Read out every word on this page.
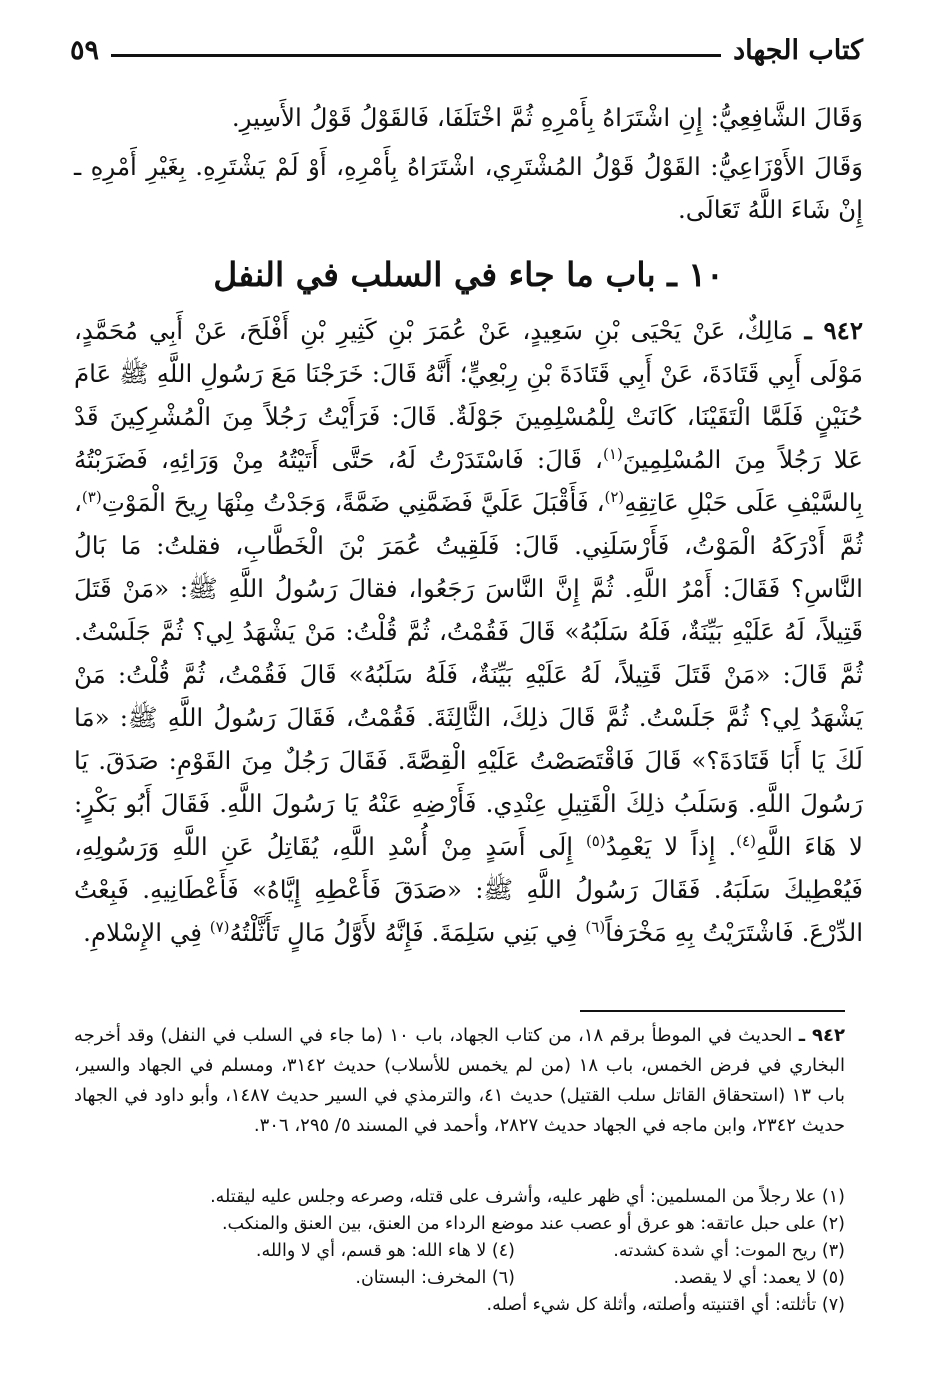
كتاب الجهاد
٥٩

وَقَالَ الشَّافِعِيُّ: إِنِ اشْتَرَاهُ بِأَمْرِهِ ثُمَّ اخْتَلَفَا، فَالقَوْلُ قَوْلُ الأَسِيرِ.

وَقَالَ الأَوْزَاعِيُّ: القَوْلُ قَوْلُ المُشْتَرِي، اشْتَرَاهُ بِأَمْرِهِ، أَوْ لَمْ يَشْتَرِهِ. بِغَيْرِ أَمْرِهِ ـ إِنْ شَاءَ اللَّهُ تَعَالَى.

١٠ ـ باب ما جاء في السلب في النفل

٩٤٢ ـ مَالِكٌ، عَنْ يَحْيَى بْنِ سَعِيدٍ، عَنْ عُمَرَ بْنِ كَثِيرِ بْنِ أَفْلَحَ، عَنْ أَبِي مُحَمَّدٍ، مَوْلَى أَبِي قَتَادَةَ، عَنْ أَبِي قَتَادَةَ بْنِ رِبْعِيٍّ؛ أَنَّهُ قَالَ: خَرَجْنَا مَعَ رَسُولِ اللَّهِ ﷺ عَامَ حُنَيْنٍ فَلَمَّا الْتَقَيْنَا، كَانَتْ لِلْمُسْلِمِينَ جَوْلَةٌ. قَالَ: فَرَأَيْتُ رَجُلاً مِنَ الْمُشْرِكِينَ قَدْ عَلا رَجُلاً مِنَ المُسْلِمِينَ$^{(١)}$، قَالَ: فَاسْتَدَرْتُ لَهُ، حَتَّى أَتَيْتُهُ مِنْ وَرَائِهِ، فَضَرَبْتُهُ بِالسَّيْفِ عَلَى حَبْلِ عَاتِقِهِ$^{(٢)}$، فَأَقْبَلَ عَلَيَّ فَضَمَّنِي ضَمَّةً، وَجَدْتُ مِنْهَا رِيحَ الْمَوْتِ$^{(٣)}$، ثُمَّ أَدْرَكَهُ الْمَوْتُ، فَأَرْسَلَنِي. قَالَ: فَلَقِيتُ عُمَرَ بْنَ الْخَطَّابِ، فقلتُ: مَا بَالُ النَّاسِ؟ فَقَالَ: أَمْرُ اللَّهِ. ثُمَّ إِنَّ النَّاسَ رَجَعُوا، فقالَ رَسُولُ اللَّهِ ﷺ: «مَنْ قَتَلَ قَتِيلاً، لَهُ عَلَيْهِ بَيِّنَةٌ، فَلَهُ سَلَبُهُ» قَالَ فَقُمْتُ، ثُمَّ قُلْتُ: مَنْ يَشْهَدُ لِي؟ ثُمَّ جَلَسْتُ. ثُمَّ قَالَ: «مَنْ قَتَلَ قَتِيلاً، لَهُ عَلَيْهِ بَيِّنَةٌ، فَلَهُ سَلَبُهُ» قَالَ فَقُمْتُ، ثُمَّ قُلْتُ: مَنْ يَشْهَدُ لِي؟ ثُمَّ جَلَسْتُ. ثُمَّ قَالَ ذلِكَ، الثَّالِثَةَ. فَقُمْتُ، فَقَالَ رَسُولُ اللَّهِ ﷺ: «مَا لَكَ يَا أَبَا قَتَادَةَ؟» قَالَ فَاقْتَصَصْتُ عَلَيْهِ الْقِصَّةَ. فَقَالَ رَجُلٌ مِنَ القَوْمِ: صَدَقَ. يَا رَسُولَ اللَّهِ. وَسَلَبُ ذلِكَ الْقَتِيلِ عِنْدِي. فَأَرْضِهِ عَنْهُ يَا رَسُولَ اللَّهِ. فَقَالَ أَبُو بَكْرٍ: لا هَاءَ اللَّهِ$^{(٤)}$. إِذاً لا يَعْمِدُ$^{(٥)}$ إِلَى أَسَدٍ مِنْ أُسْدِ اللَّهِ، يُقَاتِلُ عَنِ اللَّهِ وَرَسُولِهِ، فَيُعْطِيكَ سَلَبَهُ. فَقَالَ رَسُولُ اللَّهِ ﷺ: «صَدَقَ فَأَعْطِهِ إِيَّاهُ» فَأَعْطَانِيهِ. فَبِعْتُ الدِّرْعَ. فَاشْتَرَيْتُ بِهِ مَخْرَفاً$^{(٦)}$ فِي بَنِي سَلِمَةَ. فَإِنَّهُ لأَوَّلُ مَالٍ تَأَثَّلْتُهُ$^{(٧)}$ فِي الإِسْلامِ.

٩٤٢ ـ الحديث في الموطأ برقم ١٨، من كتاب الجهاد، باب ١٠ (ما جاء في السلب في النفل) وقد أخرجه البخاري في فرض الخمس، باب ١٨ (من لم يخمس للأسلاب) حديث ٣١٤٢، ومسلم في الجهاد والسير، باب ١٣ (استحقاق القاتل سلب القتيل) حديث ٤١، والترمذي في السير حديث ١٤٨٧، وأبو داود في الجهاد حديث ٢٣٤٢، وابن ماجه في الجهاد حديث ٢٨٢٧، وأحمد في المسند ٥/ ٢٩٥، ٣٠٦.

(١) علا رجلاً من المسلمين: أي ظهر عليه، وأشرف على قتله، وصرعه وجلس عليه ليقتله.
(٢) على حبل عاتقه: هو عرق أو عصب عند موضع الرداء من العنق، بين العنق والمنكب.
(٣) ريح الموت: أي شدة كشدته.
(٤) لا هاء الله: هو قسم، أي لا والله.
(٥) لا يعمد: أي لا يقصد.
(٦) المخرف: البستان.
(٧) تأثلته: أي اقتنيته وأصلته، وأثلة كل شيء أصله.
